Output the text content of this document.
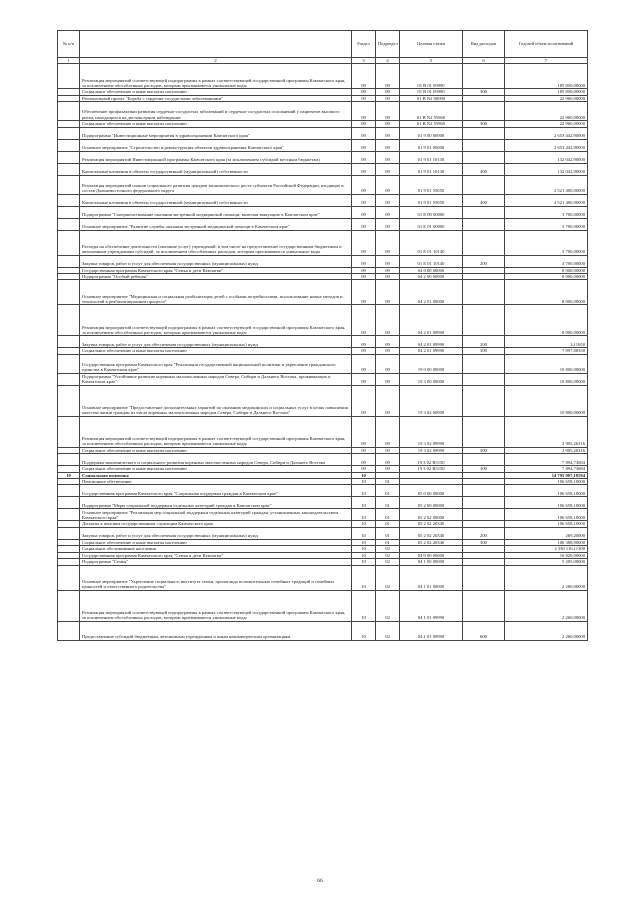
№ п/п		Раздел	Подраздел	Целевая статья	Вид расходов	Годовой объем ассигнований
1	2	3	4	5	6	7
	Реализация мероприятий соответствующей подпрограммы в рамках соответствующей государственной программы Камчатского края, за исключением обособленных расходов, которым присваиваются уникальные коды	09	09	01 В 01 09990		185 850,00000
	Социальное обеспечение и иные выплаты населению	09	09	01 В 01 09990	300	185 850,00000
	Региональный проект "Борьба с сердечно-сосудистыми заболеваниями"	09	09	01 В N2 00000		22 960,00000
	Обеспечение профилактики развития сердечно-сосудистых заболеваний и сердечно-сосудистых осложнений у пациентов высокого риска, находящихся на диспансерном наблюдении	09	09	01 В N2 55860		22 960,00000
	Социальное обеспечение и иные выплаты населению	09	09	01 В N2 55860	300	22 960,00000
	Подпрограмма "Инвестиционные мероприятия в здравоохранении Камчатского края"	09	09	01 9 00 00000		2 653 442,90000
	Основное мероприятие "Строительство и реконструкция объектов здравоохранения Камчатского края"	09	09	01 9 01 00000		2 653 442,90000
	Реализация мероприятий Инвестиционной программы Камчатского края (за исключением субсидий местным бюджетам)	09	09	01 9 01 10130		132 042,90000
	Капитальные вложения в объекты государственной (муниципальной) собственности	09	09	01 9 01 10130	400	132 042,90000
	Реализация мероприятий планов социального развития центров экономического роста субъектов Российской Федерации, входящих в состав Дальневосточного федерального округа	09	09	01 9 01 55050		2 521 400,00000
	Капитальные вложения в объекты государственной (муниципальной) собственности	09	09	01 9 01 55050	400	2 521 400,00000
	Подпрограмма "Совершенствование оказания экстренной медицинской помощи, включая эвакуацию в Камчатском крае"	09	09	01 Е 00 00000		3 700,00000
	Основное мероприятие "Развитие службы оказания экстренной медицинской помощи в Камчатском крае"	09	09	01 Е 01 00000		3 700,00000
	Расходы на обеспечение деятельности (оказание услуг) учреждений, в том числе на предоставление государственным бюджетным и автономным учреждениям субсидий, за исключением обособленных расходов, которым присваиваются уникальные коды	09	09	01 Е 01 10140		3 700,00000
	Закупка товаров, работ и услуг для обеспечения государственных (муниципальных) нужд	09	09	01 Е 01 10140	200	3 700,00000
	Государственная программа Камчатского края "Семья и дети Камчатки"	09	09	04 0 00 00000		8 000,00000
	Подпрограмма "Особый ребенок"	09	09	04 2 00 00000		8 000,00000
	Основное мероприятие "Медицинская и социальная реабилитация детей с особыми потребностями, использование новых методов и технологий в реабилитационном процессе"	09	09	04 2 01 00000		8 000,00000
	Реализация мероприятий соответствующей подпрограммы в рамках соответствующей государственной программы Камчатского края, за исключением обособленных расходов, которым присваиваются уникальные коды	09	09	04 2 01 09990		8 000,00000
	Закупка товаров, работ и услуг для обеспечения государственных (муниципальных) нужд	09	09	04 2 01 09990	200	2,11650
	Социальное обеспечение и иные выплаты населению	09	09	04 2 01 09990	300	7 997,88350
	Государственная программа Камчатского края "Реализация государственной национальной политики и укрепление гражданского единства в Камчатском крае"	09	09	19 0 00 00000		10 800,00000
	Подпрограмма "Устойчивое развитие коренных малочисленных народов Севера, Сибири и Дальнего Востока, проживающих в Камчатском крае"	09	09	19 3 00 00000		10 800,00000
	Основное мероприятие "Предоставление дополнительных гарантий по оказанию медицинских и социальных услуг в целях повышения качества жизни граждан из числа коренных малочисленных народов Севера, Сибири и Дальнего Востока"	09	09	19 3 02 00000		10 800,00000
	Реализация мероприятий соответствующей подпрограммы в рамках соответствующей государственной программы Камчатского края, за исключением обособленных расходов, которым присваиваются уникальные коды	09	09	19 3 02 09990		2 905,26316
	Социальное обеспечение и иные выплаты населению	09	09	19 3 02 09990	300	2 905,26316
	Поддержка экономического и социального развития коренных малочисленных народов Севера, Сибири и Дальнего Востока	09	09	19 3 02 R5150		7 894,73684
	Социальное обеспечение и иные выплаты населению	09	09	19 3 02 R5150	300	7 894,73684
10	Социальная политика	10				14 795 987,18594
	Пенсионное обеспечение	10	01			106 658,10000
	Государственная программа Камчатского края "Социальная поддержка граждан в Камчатском крае"	10	01	05 0 00 00000		106 658,10000
	Подпрограмма "Меры социальной поддержки отдельных категорий граждан в Камчатском крае"	10	01	05 2 00 00000		106 658,10000
	Основное мероприятие "Реализация мер социальной поддержки отдельных категорий граждан, установленных законодательством Камчатского края"	10	01	05 2 02 00000		106 658,10000
	Доплаты к пенсиям государственным служащим Камчатского края	10	01	05 2 02 20340		106 658,10000
	Закупка товаров, работ и услуг для обеспечения государственных (муниципальных) нужд	10	01	05 2 02 20340	200	269,20000
	Социальное обеспечение и иные выплаты населению	10	01	05 2 02 20340	300	106 388,90000
	Социальное обслуживание населения	10	02			2 330 116,11300
	Государственная программа Камчатского края "Семья и дети Камчатки"	10	02	04 0 00 00000		16 820,00000
	Подпрограмма "Семья"	10	02	04 1 00 00000		5 205,00000
	Основное мероприятие "Укрепление социального института семьи, пропаганда положительных семейных традиций и семейных ценностей и ответственного родительства"	10	02	04 1 01 00000		2 260,00000
	Реализация мероприятий соответствующей подпрограммы в рамках соответствующей государственной программы Камчатского края, за исключением обособленных расходов, которым присваиваются уникальные коды	10	02	04 1 01 09990		2 260,00000
	Предоставление субсидий бюджетным, автономным учреждениям и иным некоммерческим организациям	10	02	04 1 01 09990	600	2 260,00000
66
